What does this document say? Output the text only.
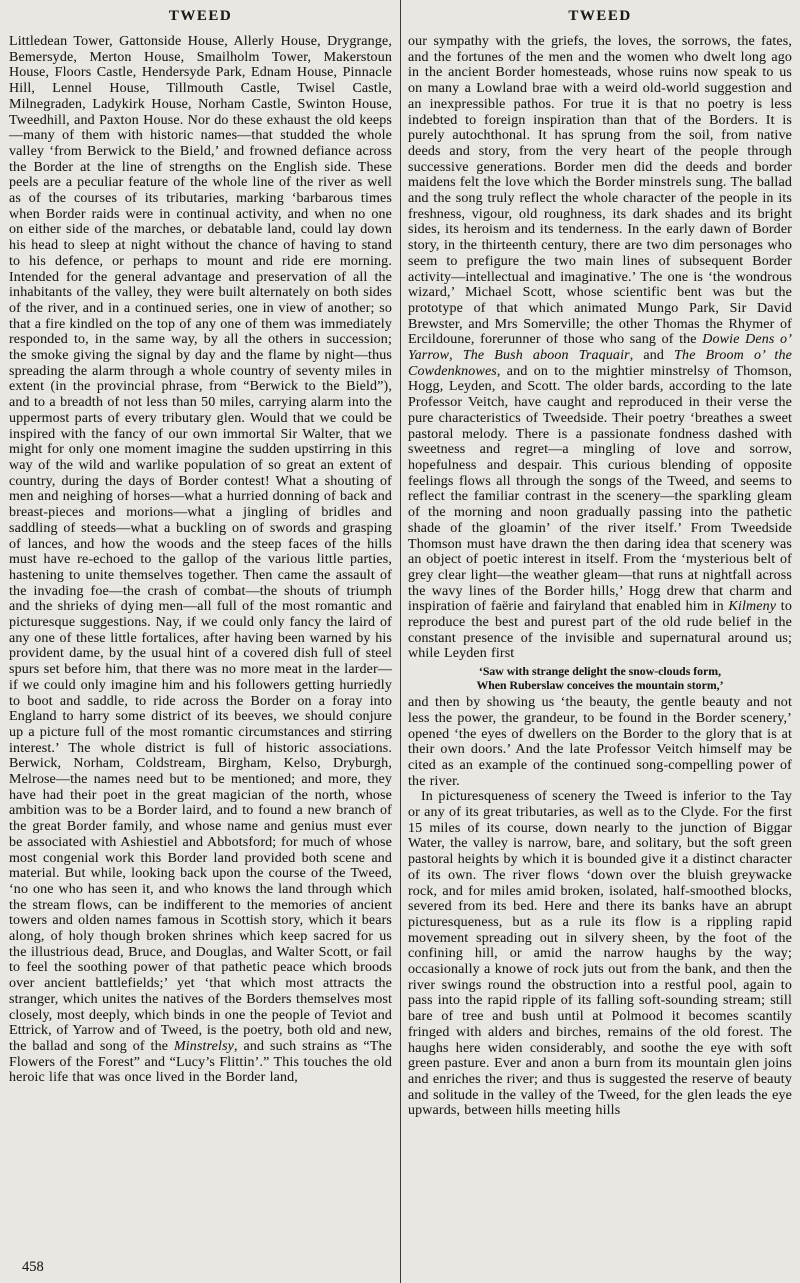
TWEED

Littledean Tower, Gattonside House, Allerly House, Drygrange, Bemersyde, Merton House, Smailholm Tower, Makerstoun House, Floors Castle, Hendersyde Park, Ednam House, Pinnacle Hill, Lennel House, Tillmouth Castle, Twisel Castle, Milnegraden, Ladykirk House, Norham Castle, Swinton House, Tweedhill, and Paxton House. Nor do these exhaust the old keeps—many of them with historic names—that studded the whole valley ‘from Berwick to the Bield,’ and frowned defiance across the Border at the line of strengths on the English side. These peels are a peculiar feature of the whole line of the river as well as of the courses of its tributaries, marking ‘barbarous times when Border raids were in continual activity, and when no one on either side of the marches, or debatable land, could lay down his head to sleep at night without the chance of having to stand to his defence, or perhaps to mount and ride ere morning. Intended for the general advantage and preservation of all the inhabitants of the valley, they were built alternately on both sides of the river, and in a continued series, one in view of another; so that a fire kindled on the top of any one of them was immediately responded to, in the same way, by all the others in succession; the smoke giving the signal by day and the flame by night—thus spreading the alarm through a whole country of seventy miles in extent (in the provincial phrase, from “Berwick to the Bield”), and to a breadth of not less than 50 miles, carrying alarm into the uppermost parts of every tributary glen. Would that we could be inspired with the fancy of our own immortal Sir Walter, that we might for only one moment imagine the sudden upstirring in this way of the wild and warlike population of so great an extent of country, during the days of Border contest! What a shouting of men and neighing of horses—what a hurried donning of back and breast-pieces and morions—what a jingling of bridles and saddling of steeds—what a buckling on of swords and grasping of lances, and how the woods and the steep faces of the hills must have re-echoed to the gallop of the various little parties, hastening to unite themselves together. Then came the assault of the invading foe—the crash of combat—the shouts of triumph and the shrieks of dying men—all full of the most romantic and picturesque suggestions. Nay, if we could only fancy the laird of any one of these little fortalices, after having been warned by his provident dame, by the usual hint of a covered dish full of steel spurs set before him, that there was no more meat in the larder—if we could only imagine him and his followers getting hurriedly to boot and saddle, to ride across the Border on a foray into England to harry some district of its beeves, we should conjure up a picture full of the most romantic circumstances and stirring interest.’ The whole district is full of historic associations. Berwick, Norham, Coldstream, Birgham, Kelso, Dryburgh, Melrose—the names need but to be mentioned; and more, they have had their poet in the great magician of the north, whose ambition was to be a Border laird, and to found a new branch of the great Border family, and whose name and genius must ever be associated with Ashiestiel and Abbotsford; for much of whose most congenial work this Border land provided both scene and material. But while, looking back upon the course of the Tweed, ‘no one who has seen it, and who knows the land through which the stream flows, can be indifferent to the memories of ancient towers and olden names famous in Scottish story, which it bears along, of holy though broken shrines which keep sacred for us the illustrious dead, Bruce, and Douglas, and Walter Scott, or fail to feel the soothing power of that pathetic peace which broods over ancient battlefields;’ yet ‘that which most attracts the stranger, which unites the natives of the Borders themselves most closely, most deeply, which binds in one the people of Teviot and Ettrick, of Yarrow and of Tweed, is the poetry, both old and new, the ballad and song of the Minstrelsy, and such strains as “The Flowers of the Forest” and “Lucy’s Flittin’.” This touches the old heroic life that was once lived in the Border land,

TWEED

our sympathy with the griefs, the loves, the sorrows, the fates, and the fortunes of the men and the women who dwelt long ago in the ancient Border homesteads, whose ruins now speak to us on many a Lowland brae with a weird old-world suggestion and an inexpressible pathos. For true it is that no poetry is less indebted to foreign inspiration than that of the Borders. It is purely autochthonal. It has sprung from the soil, from native deeds and story, from the very heart of the people through successive generations. Border men did the deeds and border maidens felt the love which the Border minstrels sung. The ballad and the song truly reflect the whole character of the people in its freshness, vigour, old roughness, its dark shades and its bright sides, its heroism and its tenderness. In the early dawn of Border story, in the thirteenth century, there are two dim personages who seem to prefigure the two main lines of subsequent Border activity—intellectual and imaginative.’ The one is ‘the wondrous wizard,’ Michael Scott, whose scientific bent was but the prototype of that which animated Mungo Park, Sir David Brewster, and Mrs Somerville; the other Thomas the Rhymer of Ercildoune, forerunner of those who sang of the Dowie Dens o’ Yarrow, The Bush aboon Traquair, and The Broom o’ the Cowdenknowes, and on to the mightier minstrelsy of Thomson, Hogg, Leyden, and Scott. The older bards, according to the late Professor Veitch, have caught and reproduced in their verse the pure characteristics of Tweedside. Their poetry ‘breathes a sweet pastoral melody. There is a passionate fondness dashed with sweetness and regret—a mingling of love and sorrow, hopefulness and despair. This curious blending of opposite feelings flows all through the songs of the Tweed, and seems to reflect the familiar contrast in the scenery—the sparkling gleam of the morning and noon gradually passing into the pathetic shade of the gloamin’ of the river itself.’ From Tweedside Thomson must have drawn the then daring idea that scenery was an object of poetic interest in itself. From the ‘mysterious belt of grey clear light—the weather gleam—that runs at nightfall across the wavy lines of the Border hills,’ Hogg drew that charm and inspiration of faërie and fairyland that enabled him in Kilmeny to reproduce the best and purest part of the old rude belief in the constant presence of the invisible and supernatural around us; while Leyden first

‘Saw with strange delight the snow-clouds form,
When Ruberslaw conceives the mountain storm,’

and then by showing us ‘the beauty, the gentle beauty and not less the power, the grandeur, to be found in the Border scenery,’ opened ‘the eyes of dwellers on the Border to the glory that is at their own doors.’ And the late Professor Veitch himself may be cited as an example of the continued song-compelling power of the river.

In picturesqueness of scenery the Tweed is inferior to the Tay or any of its great tributaries, as well as to the Clyde. For the first 15 miles of its course, down nearly to the junction of Biggar Water, the valley is narrow, bare, and solitary, but the soft green pastoral heights by which it is bounded give it a distinct character of its own. The river flows ‘down over the bluish greywacke rock, and for miles amid broken, isolated, half-smoothed blocks, severed from its bed. Here and there its banks have an abrupt picturesqueness, but as a rule its flow is a rippling rapid movement spreading out in silvery sheen, by the foot of the confining hill, or amid the narrow haughs by the way; occasionally a knowe of rock juts out from the bank, and then the river swings round the obstruction into a restful pool, again to pass into the rapid ripple of its falling soft-sounding stream; still bare of tree and bush until at Polmood it becomes scantily fringed with alders and birches, remains of the old forest. The haughs here widen considerably, and soothe the eye with soft green pasture. Ever and anon a burn from its mountain glen joins and enriches the river; and thus is suggested the reserve of beauty and solitude in the valley of the Tweed, for the glen leads the eye upwards, between hills meeting hills

458
